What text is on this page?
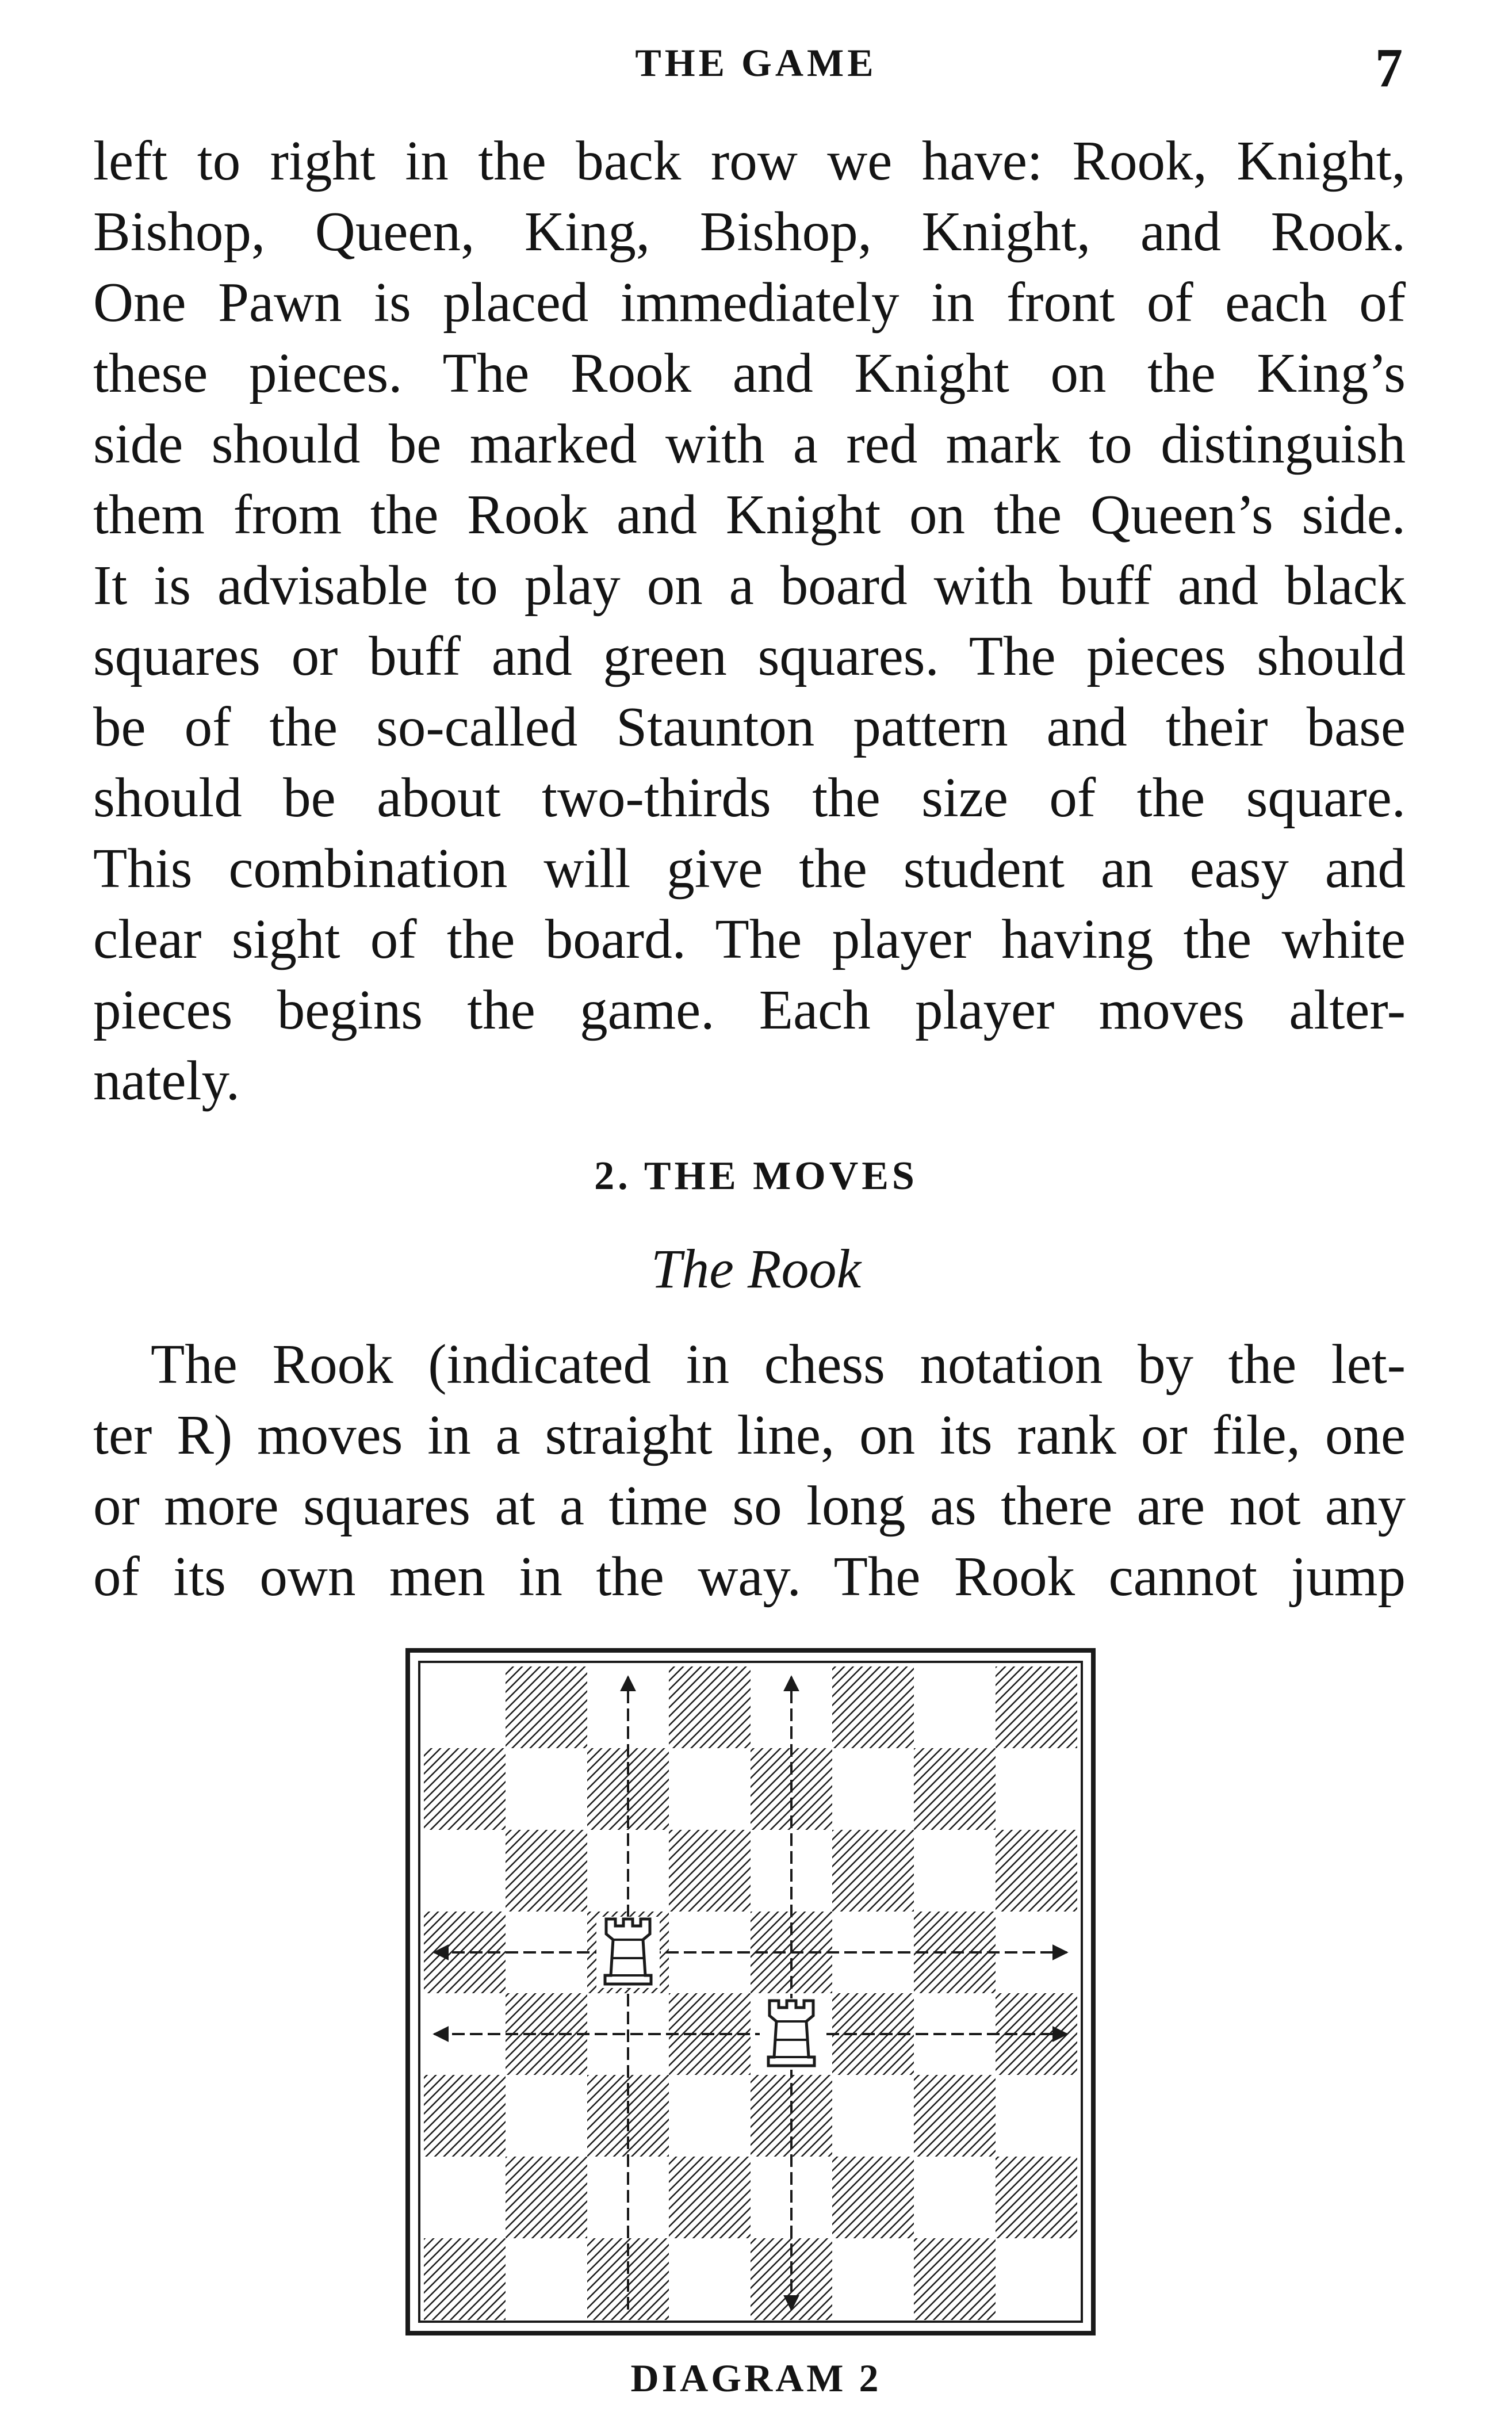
THE GAME	7
left to right in the back row we have: Rook, Knight,
Bishop, Queen, King, Bishop, Knight, and Rook.
One Pawn is placed immediately in front of each of
these pieces. The Rook and Knight on the King’s
side should be marked with a red mark to distinguish
them from the Rook and Knight on the Queen’s side.
It is advisable to play on a board with buff and black
squares or buff and green squares. The pieces should
be of the so-called Staunton pattern and their base
should be about two-thirds the size of the square.
This combination will give the student an easy and
clear sight of the board. The player having the white
pieces begins the game. Each player moves alter-
nately.
2. THE MOVES
The Rook
The Rook (indicated in chess notation by the let-
ter R) moves in a straight line, on its rank or file, one
or more squares at a time so long as there are not any
of its own men in the way. The Rook cannot jump
DIAGRAM 2
